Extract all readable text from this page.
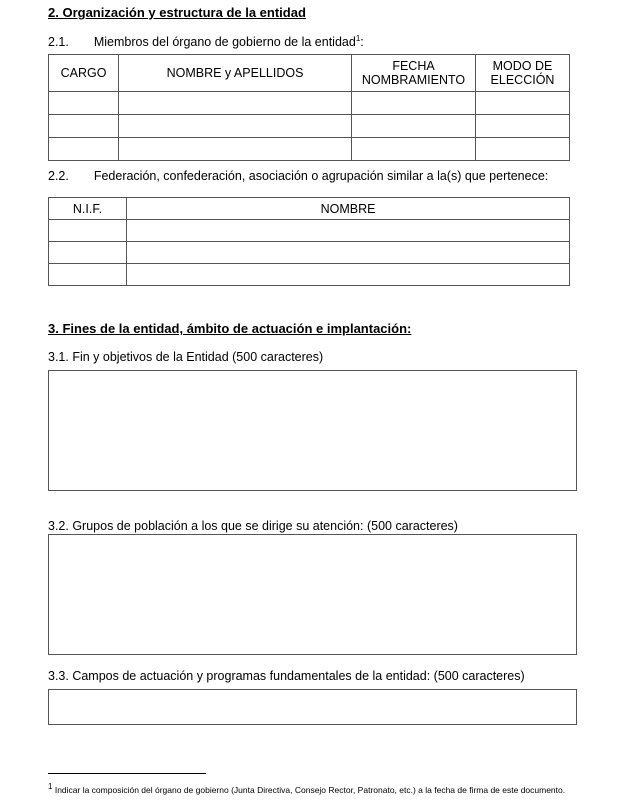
2. Organización y estructura de la entidad
2.1. Miembros del órgano de gobierno de la entidad$^1$:
CARGO	NOMBRE y APELLIDOS	FECHA NOMBRAMIENTO	MODO DE ELECCIÓN

2.2. Federación, confederación, asociación o agrupación similar a la(s) que pertenece:
N.I.F.	NOMBRE

3. Fines de la entidad, ámbito de actuación e implantación:
3.1. Fin y objetivos de la Entidad (500 caracteres)
3.2. Grupos de población a los que se dirige su atención: (500 caracteres)
3.3. Campos de actuación y programas fundamentales de la entidad: (500 caracteres)
$^1$ Indicar la composición del órgano de gobierno (Junta Directiva, Consejo Rector, Patronato, etc.) a la fecha de firma de este documento.
